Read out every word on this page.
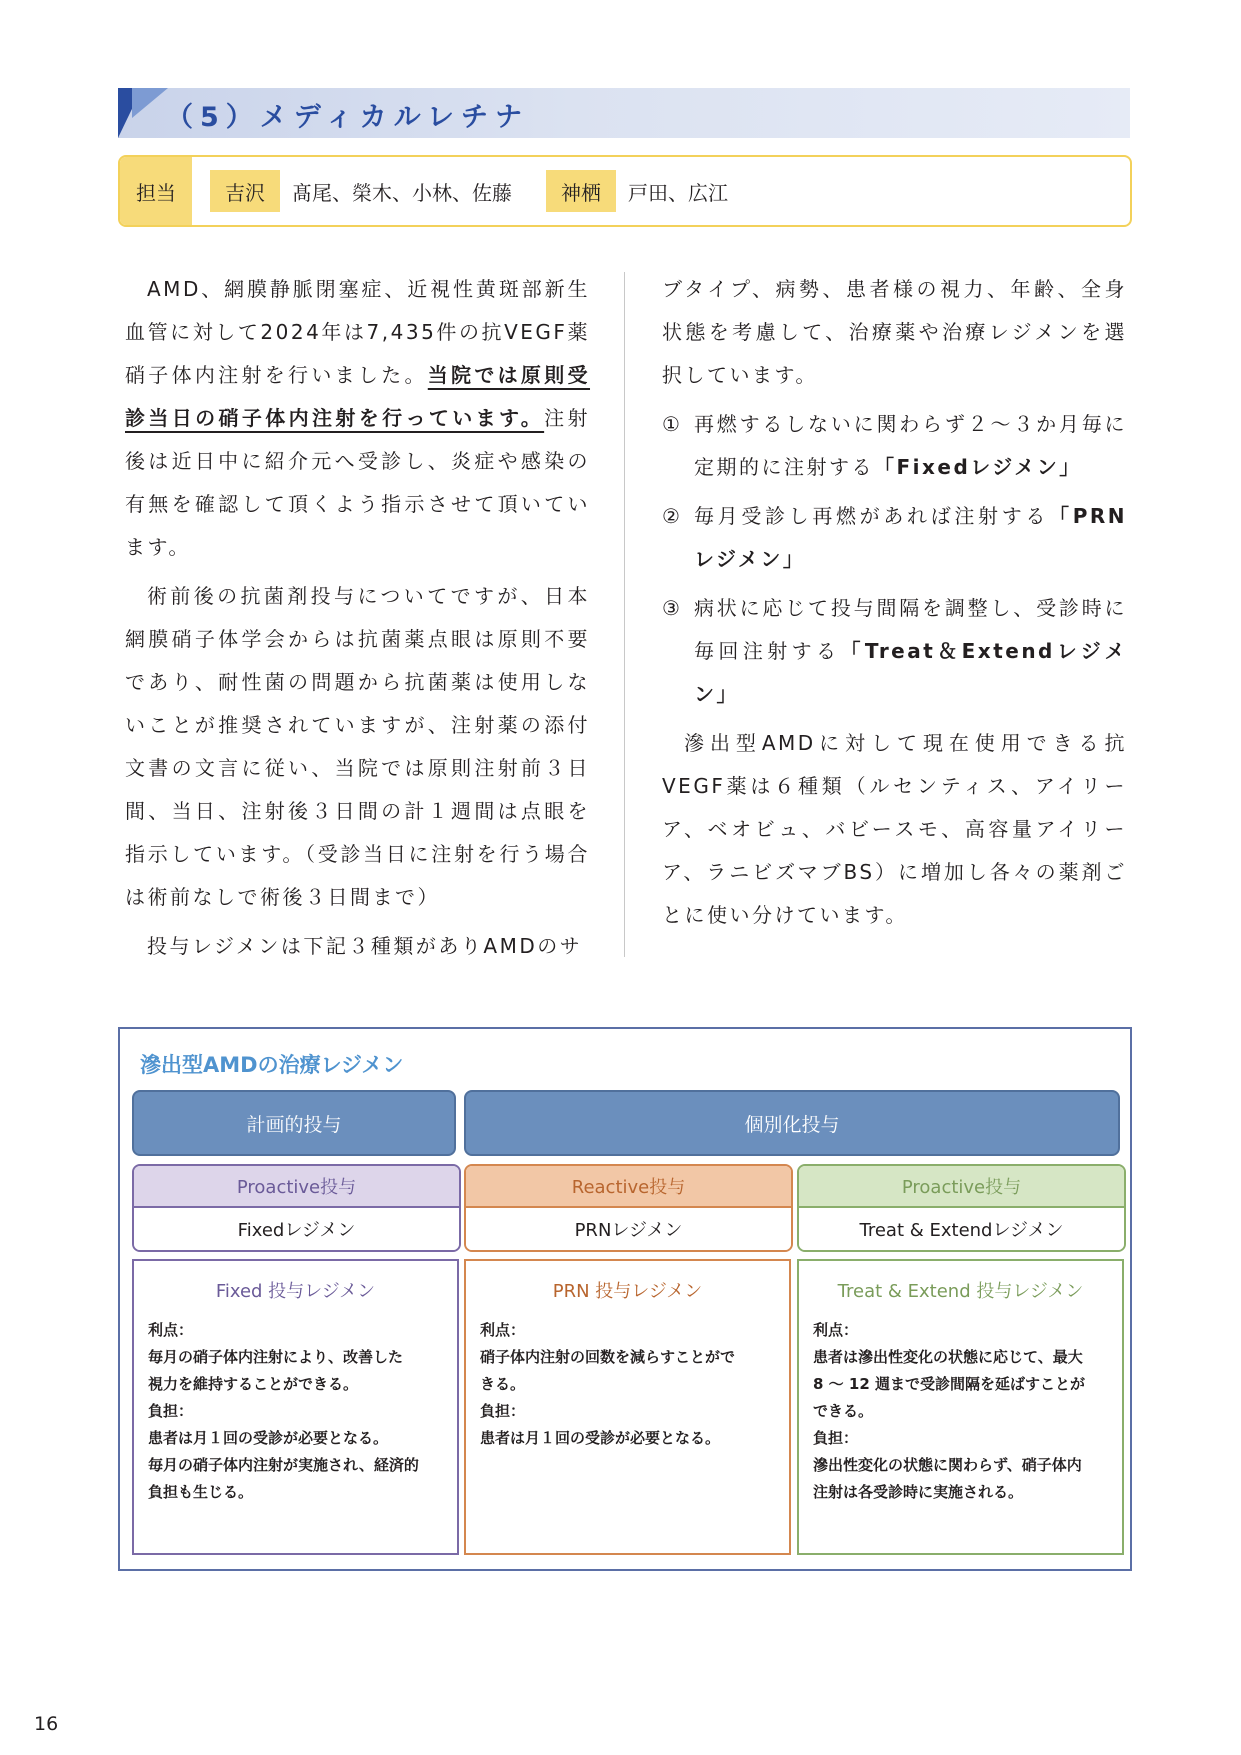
（5）メディカルレチナ
担当	吉沢	髙尾、榮木、小林、佐藤	神栖	戸田、広江

AMD、網膜静脈閉塞症、近視性黄斑部新生血管に対して2024年は7,435件の抗VEGF薬硝子体内注射を行いました。当院では原則受診当日の硝子体内注射を行っています。注射後は近日中に紹介元へ受診し、炎症や感染の有無を確認して頂くよう指示させて頂いています。

術前後の抗菌剤投与についてですが、日本網膜硝子体学会からは抗菌薬点眼は原則不要であり、耐性菌の問題から抗菌薬は使用しないことが推奨されていますが、注射薬の添付文書の文言に従い、当院では原則注射前３日間、当日、注射後３日間の計１週間は点眼を指示しています。（受診当日に注射を行う場合は術前なしで術後３日間まで）

投与レジメンは下記３種類がありAMDのサ

ブタイプ、病勢、患者様の視力、年齢、全身状態を考慮して、治療薬や治療レジメンを選択しています。

① 再燃するしないに関わらず２～３か月毎に定期的に注射する「Fixedレジメン」
② 毎月受診し再燃があれば注射する「PRNレジメン」
③ 病状に応じて投与間隔を調整し、受診時に毎回注射する「Treat＆Extendレジメン」

滲出型AMDに対して現在使用できる抗VEGF薬は６種類（ルセンティス、アイリーア、ベオビュ、バビースモ、高容量アイリーア、ラニビズマブBS）に増加し各々の薬剤ごとに使い分けています。

滲出型AMDの治療レジメン
計画的投与	個別化投与
Proactive投与
Fixedレジメン
Reactive投与
PRNレジメン
Proactive投与
Treat & Extendレジメン
Fixed 投与レジメン
利点：
毎月の硝子体内注射により、改善した
視力を維持することができる。
負担：
患者は月１回の受診が必要となる。
毎月の硝子体内注射が実施され、経済的
負担も生じる。
PRN 投与レジメン
利点：
硝子体内注射の回数を減らすことがで
きる。
負担：
患者は月１回の受診が必要となる。
Treat & Extend 投与レジメン
利点：
患者は滲出性変化の状態に応じて、最大
8 ～ 12 週まで受診間隔を延ばすことが
できる。
負担：
滲出性変化の状態に関わらず、硝子体内
注射は各受診時に実施される。
16
